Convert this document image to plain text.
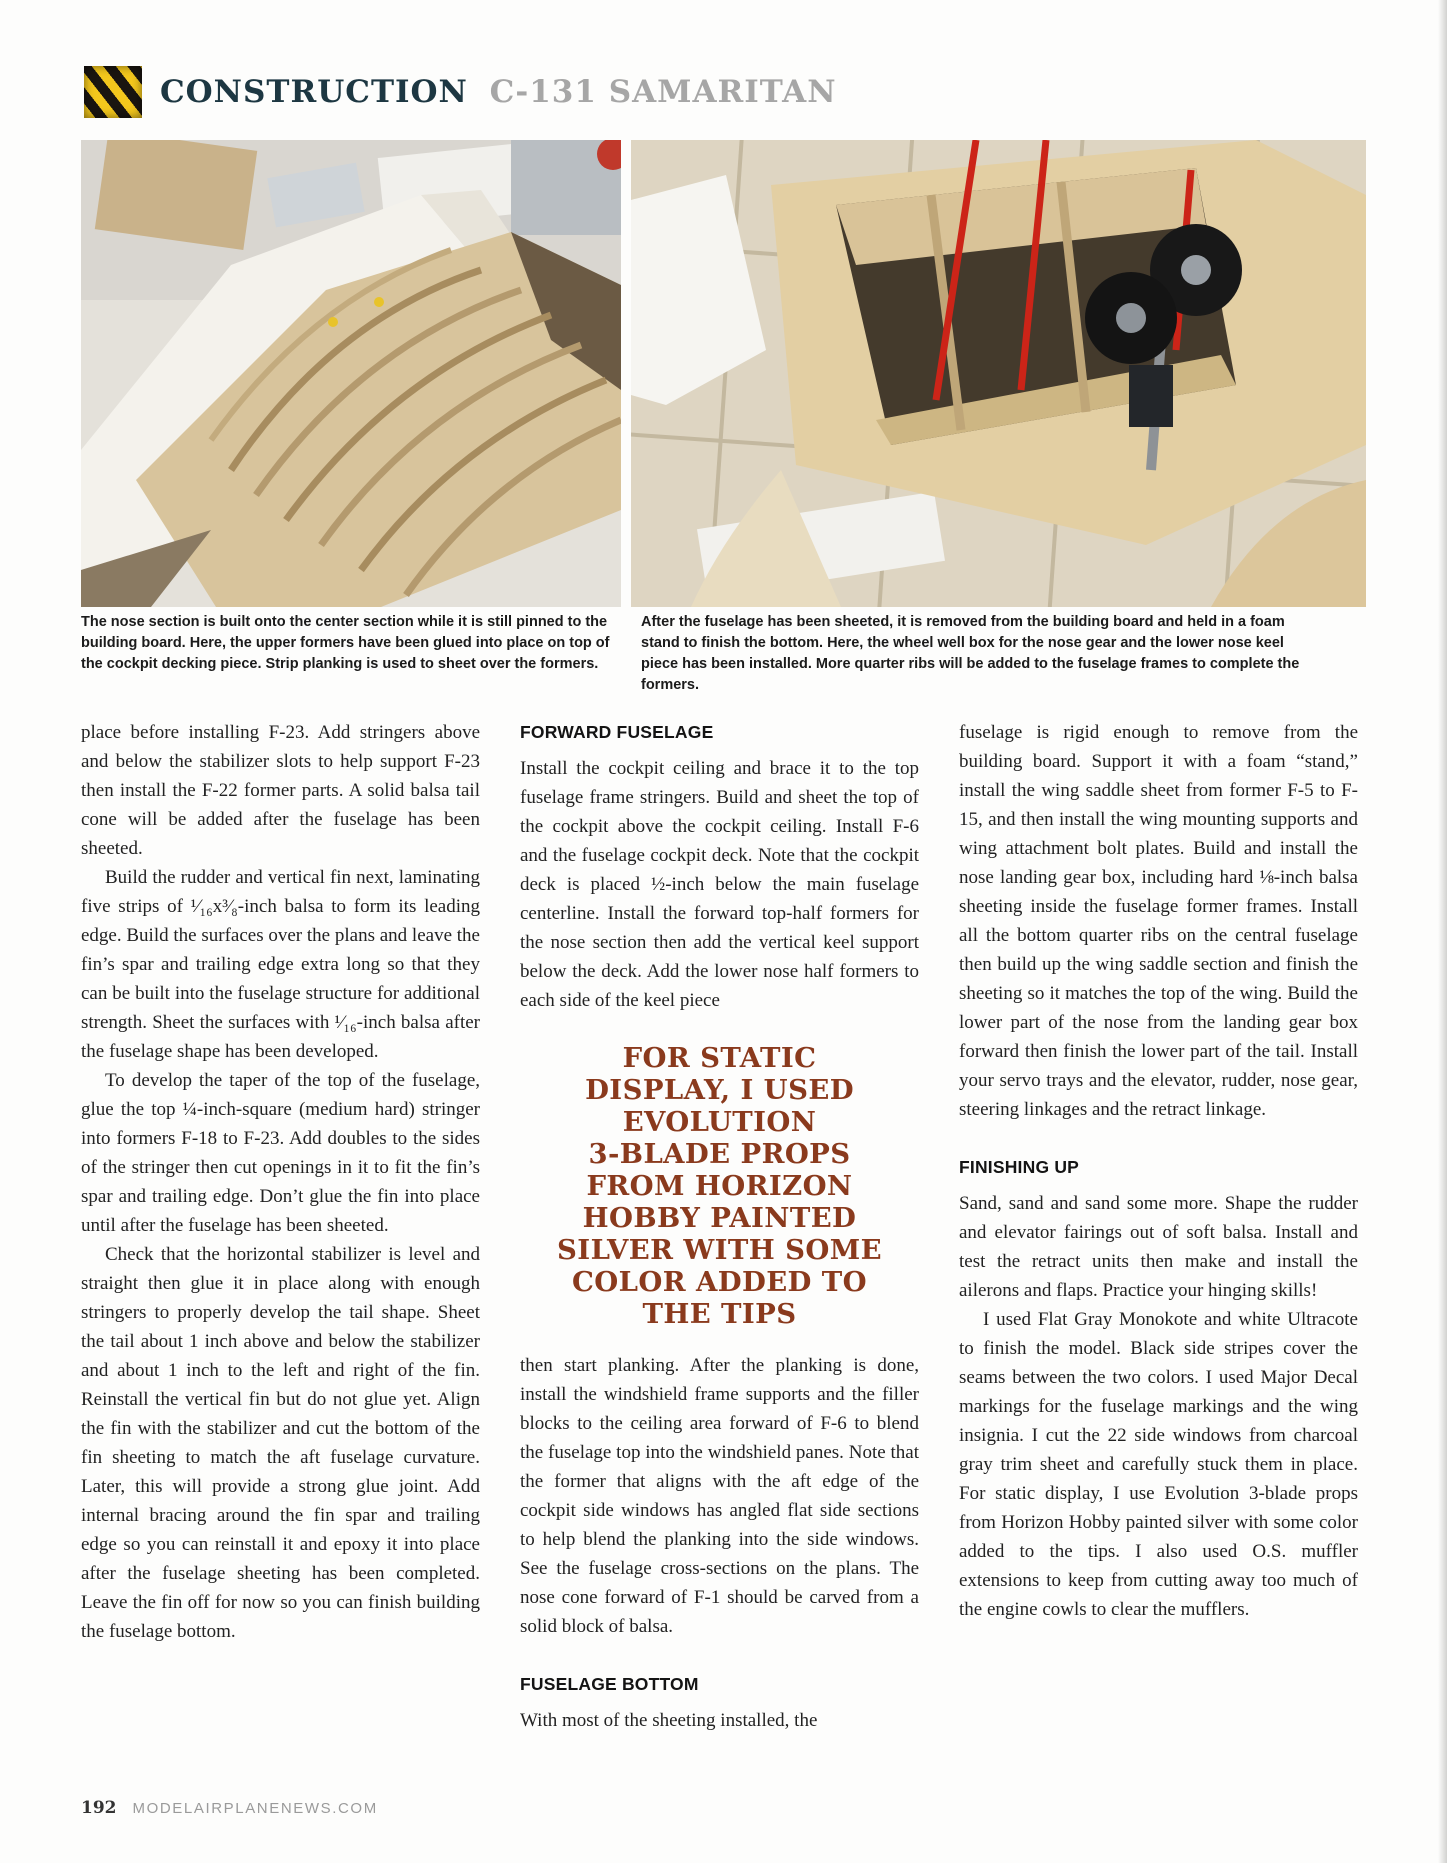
CONSTRUCTION C-131 SAMARITAN
The nose section is built onto the center section while it is still pinned to the building board. Here, the upper formers have been glued into place on top of the cockpit decking piece. Strip planking is used to sheet over the formers.
After the fuselage has been sheeted, it is removed from the building board and held in a foam stand to finish the bottom. Here, the wheel well box for the nose gear and the lower nose keel piece has been installed. More quarter ribs will be added to the fuselage frames to complete the formers.

place before installing F-23. Add stringers above and below the stabilizer slots to help support F-23 then install the F-22 former parts. A solid balsa tail cone will be added after the fuselage has been sheeted.

Build the rudder and vertical fin next, laminating five strips of ¹⁄₁₆x³⁄₈-inch balsa to form its leading edge. Build the surfaces over the plans and leave the fin’s spar and trailing edge extra long so that they can be built into the fuselage structure for additional strength. Sheet the surfaces with ¹⁄₁₆-inch balsa after the fuselage shape has been developed.

To develop the taper of the top of the fuselage, glue the top ¼-inch-square (medium hard) stringer into formers F-18 to F-23. Add doubles to the sides of the stringer then cut openings in it to fit the fin’s spar and trailing edge. Don’t glue the fin into place until after the fuselage has been sheeted.

Check that the horizontal stabilizer is level and straight then glue it in place along with enough stringers to properly develop the tail shape. Sheet the tail about 1 inch above and below the stabilizer and about 1 inch to the left and right of the fin. Reinstall the vertical fin but do not glue yet. Align the fin with the stabilizer and cut the bottom of the fin sheeting to match the aft fuselage curvature. Later, this will provide a strong glue joint. Add internal bracing around the fin spar and trailing edge so you can reinstall it and epoxy it into place after the fuselage sheeting has been completed. Leave the fin off for now so you can finish building the fuselage bottom.

FORWARD FUSELAGE

Install the cockpit ceiling and brace it to the top fuselage frame stringers. Build and sheet the top of the cockpit above the cockpit ceiling. Install F-6 and the fuselage cockpit deck. Note that the cockpit deck is placed ½-inch below the main fuselage centerline. Install the forward top-half formers for the nose section then add the vertical keel support below the deck. Add the lower nose half formers to each side of the keel piece

FOR STATIC
DISPLAY, I USED
EVOLUTION
3-BLADE PROPS
FROM HORIZON
HOBBY PAINTED
SILVER WITH SOME
COLOR ADDED TO
THE TIPS

then start planking. After the planking is done, install the windshield frame supports and the filler blocks to the ceiling area forward of F-6 to blend the fuselage top into the windshield panes. Note that the former that aligns with the aft edge of the cockpit side windows has angled flat side sections to help blend the planking into the side windows. See the fuselage cross-sections on the plans. The nose cone forward of F-1 should be carved from a solid block of balsa.

FUSELAGE BOTTOM

With most of the sheeting installed, the

fuselage is rigid enough to remove from the building board. Support it with a foam “stand,” install the wing saddle sheet from former F-5 to F-15, and then install the wing mounting supports and wing attachment bolt plates. Build and install the nose landing gear box, including hard ⅛-inch balsa sheeting inside the fuselage former frames. Install all the bottom quarter ribs on the central fuselage then build up the wing saddle section and finish the sheeting so it matches the top of the wing. Build the lower part of the nose from the landing gear box forward then finish the lower part of the tail. Install your servo trays and the elevator, rudder, nose gear, steering linkages and the retract linkage.

FINISHING UP

Sand, sand and sand some more. Shape the rudder and elevator fairings out of soft balsa. Install and test the retract units then make and install the ailerons and flaps. Practice your hinging skills!

I used Flat Gray Monokote and white Ultracote to finish the model. Black side stripes cover the seams between the two colors. I used Major Decal markings for the fuselage markings and the wing insignia. I cut the 22 side windows from charcoal gray trim sheet and carefully stuck them in place. For static display, I use Evolution 3-blade props from Horizon Hobby painted silver with some color added to the tips. I also used O.S. muffler extensions to keep from cutting away too much of the engine cowls to clear the mufflers.

192 MODELAIRPLANENEWS.COM
